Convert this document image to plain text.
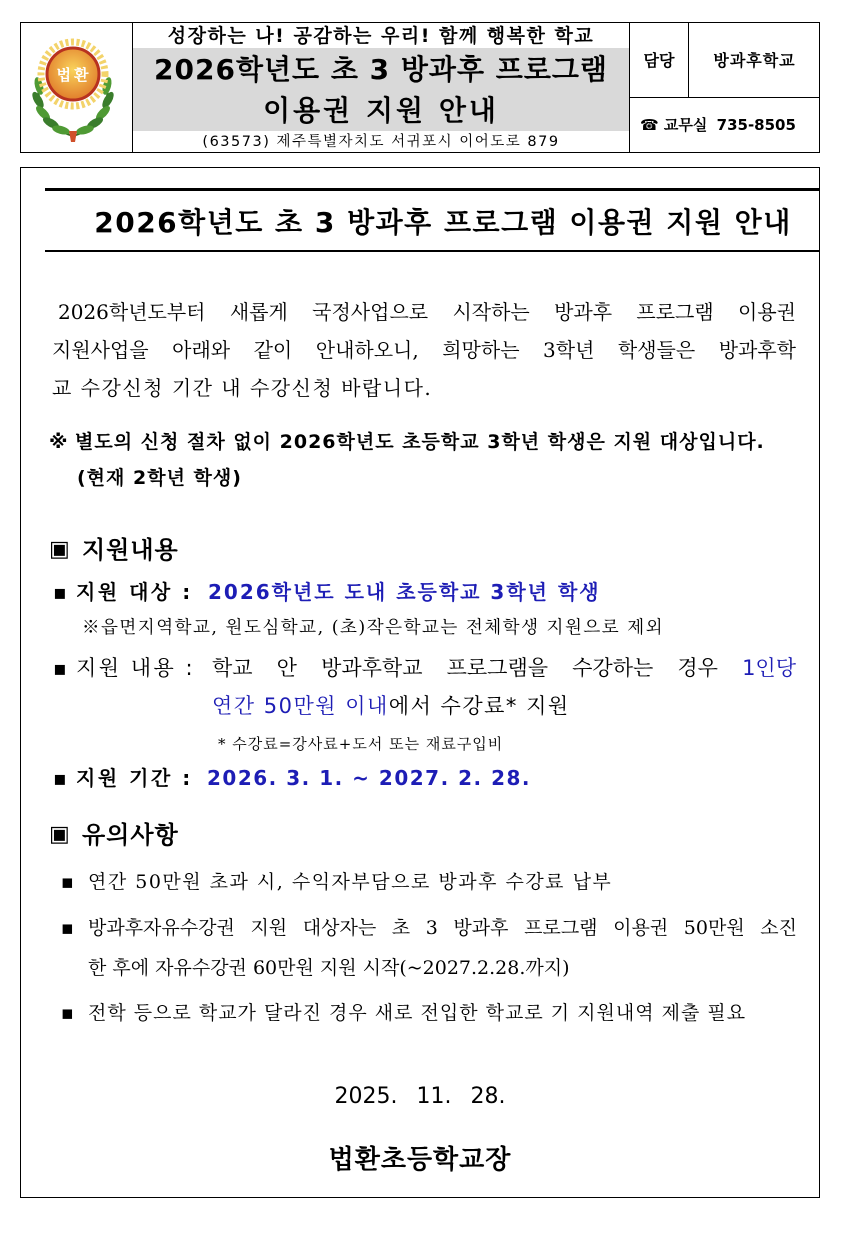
법환
성장하는 나! 공감하는 우리! 함께 행복한 학교
2026학년도 초 3 방과후 프로그램
이용권 지원 안내
(63573) 제주특별자치도 서귀포시 이어도로 879
담당	방과후학교
☎ 교무실 735-8505
2026학년도 초 3 방과후 프로그램 이용권 지원 안내
2026학년도부터 새롭게 국정사업으로 시작하는 방과후 프로그램 이용권
지원사업을 아래와 같이 안내하오니, 희망하는 3학년 학생들은 방과후학
교 수강신청 기간 내 수강신청 바랍니다.
※ 별도의 신청 절차 없이 2026학년도 초등학교 3학년 학생은 지원 대상입니다.
(현재 2학년 학생)
▣ 지원내용
▪ 지원 대상 : 2026학년도 도내 초등학교 3학년 학생
※읍면지역학교, 원도심학교, (초)작은학교는 전체학생 지원으로 제외
▪ 지원 내용 : 학교 안 방과후학교 프로그램을 수강하는 경우 1인당
연간 50만원 이내에서 수강료* 지원
* 수강료=강사료+도서 또는 재료구입비
▪ 지원 기간 : 2026. 3. 1. ~ 2027. 2. 28.
▣ 유의사항
▪ 연간 50만원 초과 시, 수익자부담으로 방과후 수강료 납부
▪ 방과후자유수강권 지원 대상자는 초 3 방과후 프로그램 이용권 50만원 소진
한 후에 자유수강권 60만원 지원 시작(~2027.2.28.까지)
▪ 전학 등으로 학교가 달라진 경우 새로 전입한 학교로 기 지원내역 제출 필요
2025. 11. 28.
법환초등학교장
